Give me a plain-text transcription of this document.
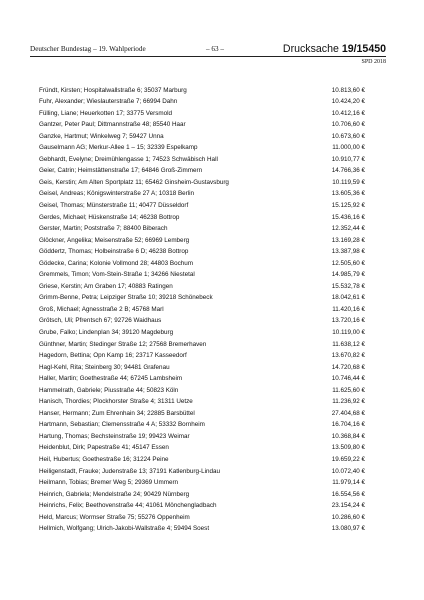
Deutscher Bundestag – 19. Wahlperiode	– 63 –	Drucksache 19/15450
SPD 2018
Fründt, Kirsten; Hospitalwallstraße 6; 35037 Marburg	10.813,60 €
Fuhr, Alexander; Wieslauterstraße 7; 66994 Dahn	10.424,20 €
Fülling, Liane; Heuerkotten 17; 33775 Versmold	10.412,16 €
Gantzer, Peter Paul; Dittmannstraße 48; 85540 Haar	10.706,60 €
Ganzke, Hartmut; Winkelweg 7; 59427 Unna	10.673,60 €
Gauselmann AG; Merkur-Allee 1 – 15; 32339 Espelkamp	11.000,00 €
Gebhardt, Evelyne; Dreimühlengasse 1; 74523 Schwäbisch Hall	10.910,77 €
Geier, Catrin; Heimstättenstraße 17; 64846 Groß-Zimmern	14.766,36 €
Geis, Kerstin; Am Alten Sportplatz 11; 65462 Ginsheim-Gustavsburg	10.119,59 €
Geisel, Andreas; Königswinterstraße 27 A; 10318 Berlin	13.605,36 €
Geisel, Thomas; Münsterstraße 11; 40477 Düsseldorf	15.125,92 €
Gerdes, Michael; Hüskenstraße 14; 46238 Bottrop	15.436,16 €
Gerster, Martin; Poststraße 7; 88400 Biberach	12.352,44 €
Glöckner, Angelika; Meisenstraße 52; 66969 Lemberg	13.169,28 €
Göddertz, Thomas; Holbeinstraße 6 D; 46238 Bottrop	13.387,98 €
Gödecke, Carina; Kolonie Vollmond 28; 44803 Bochum	12.505,60 €
Gremmels, Timon; Vom-Stein-Straße 1; 34266 Niestetal	14.985,79 €
Griese, Kerstin; Am Graben 17; 40883 Ratingen	15.532,78 €
Grimm-Benne, Petra; Leipziger Straße 10; 39218 Schönebeck	18.042,61 €
Groß, Michael; Agnesstraße 2 B; 45768 Marl	11.420,16 €
Grötsch, Uli; Pfrentsch 67; 92726 Waidhaus	13.720,16 €
Grube, Falko; Lindenplan 34; 39120 Magdeburg	10.119,00 €
Günthner, Martin; Stedinger Straße 12; 27568 Bremerhaven	11.638,12 €
Hagedorn, Bettina; Opn Kamp 16; 23717 Kasseedorf	13.670,82 €
Hagl-Kehl, Rita; Steinberg 30; 94481 Grafenau	14.720,68 €
Haller, Martin; Goethestraße 44; 67245 Lambsheim	10.746,44 €
Hammelrath, Gabriele; Piusstraße 44; 50823 Köln	11.625,60 €
Hanisch, Thordies; Plockhorster Straße 4; 31311 Uetze	11.236,92 €
Hanser, Hermann; Zum Ehrenhain 34; 22885 Barsbüttel	27.404,68 €
Hartmann, Sebastian; Clemensstraße 4 A; 53332 Bornheim	16.704,16 €
Hartung, Thomas; Bechsteinstraße 19; 99423 Weimar	10.368,84 €
Heidenblut, Dirk; Papestraße 41; 45147 Essen	13.509,80 €
Heil, Hubertus; Goethestraße 16; 31224 Peine	19.659,22 €
Heiligenstadt, Frauke; Judenstraße 13; 37191 Katlenburg-Lindau	10.072,40 €
Heilmann, Tobias; Bremer Weg 5; 29369 Ummern	11.979,14 €
Heinrich, Gabriela; Mendelstraße 24; 90429 Nürnberg	16.554,56 €
Heinrichs, Felix; Beethovenstraße 44; 41061 Mönchengladbach	23.154,24 €
Held, Marcus; Wormser Straße 75; 55276 Oppenheim	10.286,60 €
Hellmich, Wolfgang; Ulrich-Jakobi-Wallstraße 4; 59494 Soest	13.080,97 €
